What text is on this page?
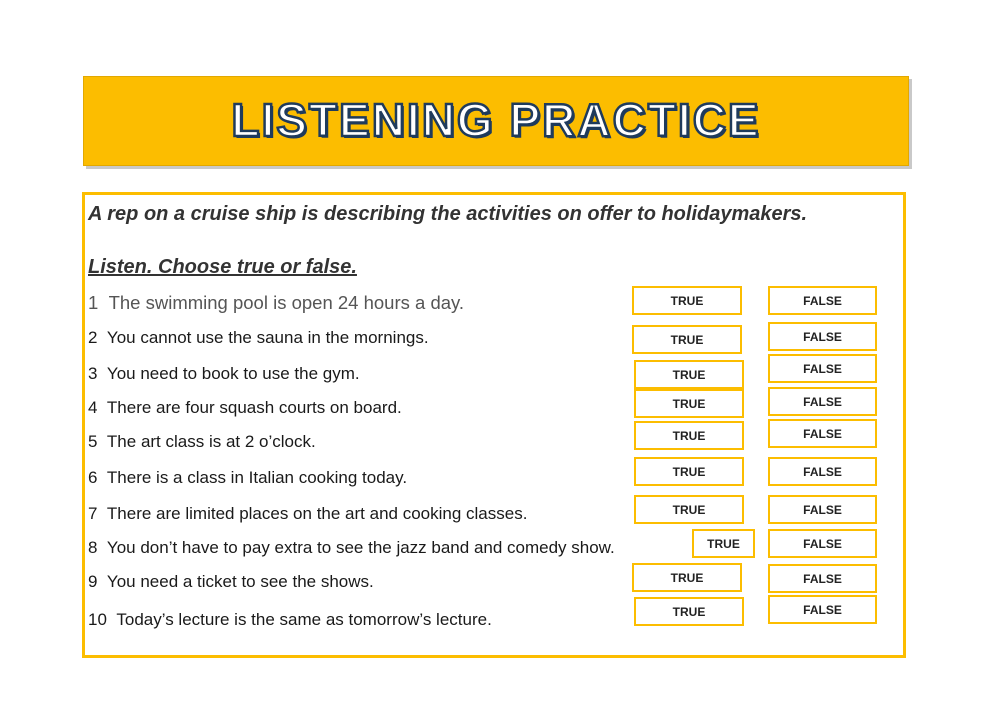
LISTENING PRACTICE
A rep on a cruise ship is describing the activities on offer to holidaymakers.
Listen. Choose true or false.
1 The swimming pool is open 24 hours a day.
2 You cannot use the sauna in the mornings.
3 You need to book to use the gym.
4 There are four squash courts on board.
5 The art class is at 2 o’clock.
6 There is a class in Italian cooking today.
7 There are limited places on the art and cooking classes.
8 You don’t have to pay extra to see the jazz band and comedy show.
9 You need a ticket to see the shows.
10 Today’s lecture is the same as tomorrow’s lecture.
TRUE
TRUE
TRUE
TRUE
TRUE
TRUE
TRUE
TRUE
TRUE
TRUE
FALSE
FALSE
FALSE
FALSE
FALSE
FALSE
FALSE
FALSE
FALSE
FALSE
